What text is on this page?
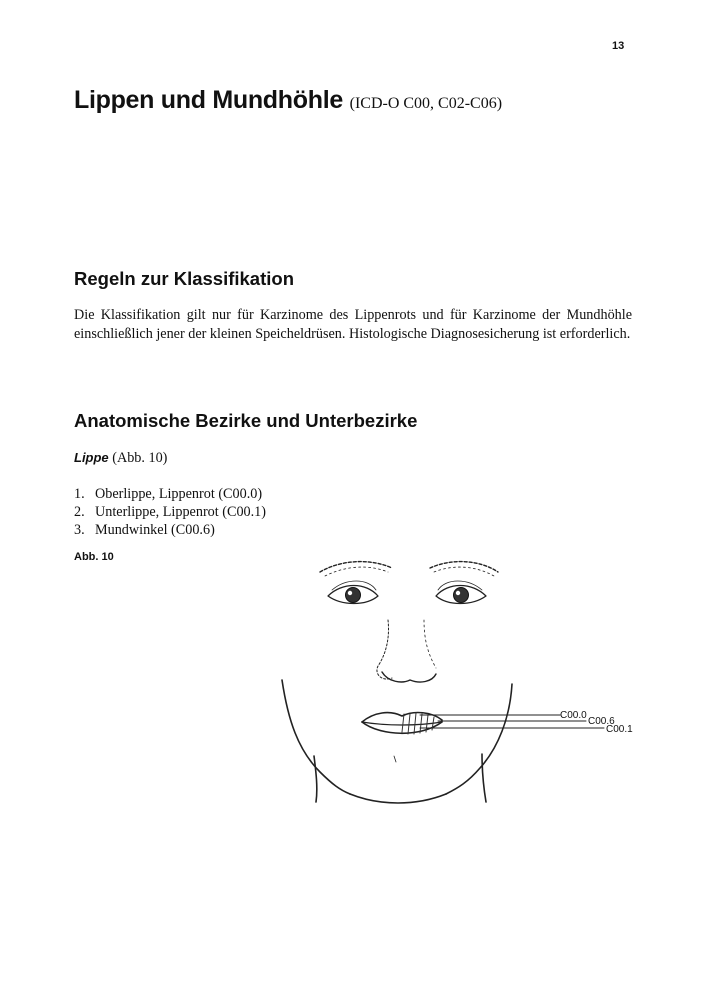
13
Lippen und Mundhöhle (ICD-O C00, C02-C06)
Regeln zur Klassifikation

Die Klassifikation gilt nur für Karzinome des Lippenrots und für Karzinome der Mundhöhle einschließlich jener der kleinen Speicheldrüsen. Histologische Diagnosesicherung ist erforderlich.

Anatomische Bezirke und Unterbezirke
Lippe (Abb. 10)
1. Oberlippe, Lippenrot (C00.0)
2. Unterlippe, Lippenrot (C00.1)
3. Mundwinkel (C00.6)
Abb. 10
C00.0
C00.6
C00.1
